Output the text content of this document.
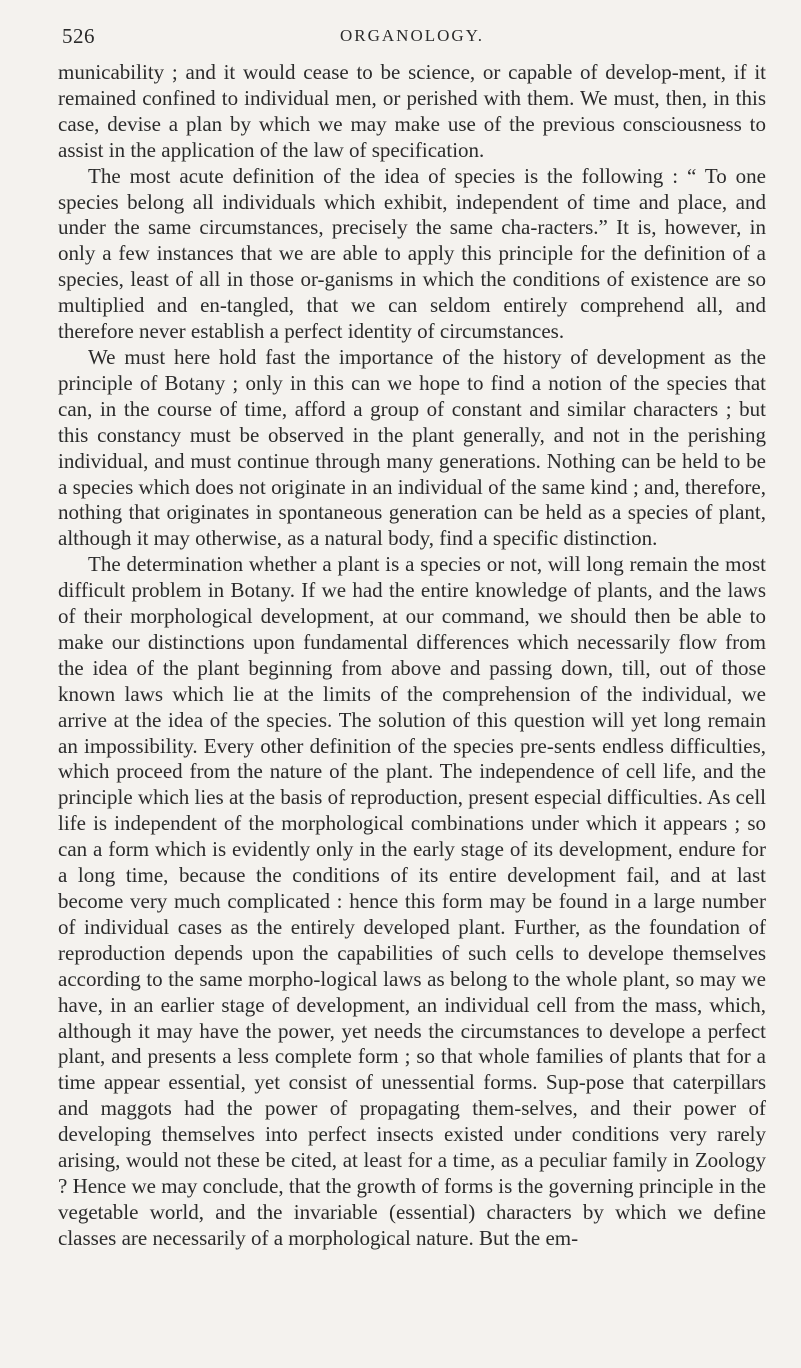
526	ORGANOLOGY.

municability ; and it would cease to be science, or capable of develop-ment, if it remained confined to individual men, or perished with them. We must, then, in this case, devise a plan by which we may make use of the previous consciousness to assist in the application of the law of specification.

The most acute definition of the idea of species is the following : “ To one species belong all individuals which exhibit, independent of time and place, and under the same circumstances, precisely the same cha-racters.” It is, however, in only a few instances that we are able to apply this principle for the definition of a species, least of all in those or-ganisms in which the conditions of existence are so multiplied and en-tangled, that we can seldom entirely comprehend all, and therefore never establish a perfect identity of circumstances.

We must here hold fast the importance of the history of development as the principle of Botany ; only in this can we hope to find a notion of the species that can, in the course of time, afford a group of constant and similar characters ; but this constancy must be observed in the plant generally, and not in the perishing individual, and must continue through many generations. Nothing can be held to be a species which does not originate in an individual of the same kind ; and, therefore, nothing that originates in spontaneous generation can be held as a species of plant, although it may otherwise, as a natural body, find a specific distinction.

The determination whether a plant is a species or not, will long remain the most difficult problem in Botany. If we had the entire knowledge of plants, and the laws of their morphological development, at our command, we should then be able to make our distinctions upon fundamental differences which necessarily flow from the idea of the plant beginning from above and passing down, till, out of those known laws which lie at the limits of the comprehension of the individual, we arrive at the idea of the species. The solution of this question will yet long remain an impossibility. Every other definition of the species pre-sents endless difficulties, which proceed from the nature of the plant. The independence of cell life, and the principle which lies at the basis of reproduction, present especial difficulties. As cell life is independent of the morphological combinations under which it appears ; so can a form which is evidently only in the early stage of its development, endure for a long time, because the conditions of its entire development fail, and at last become very much complicated : hence this form may be found in a large number of individual cases as the entirely developed plant. Further, as the foundation of reproduction depends upon the capabilities of such cells to develope themselves according to the same morpho-logical laws as belong to the whole plant, so may we have, in an earlier stage of development, an individual cell from the mass, which, although it may have the power, yet needs the circumstances to develope a perfect plant, and presents a less complete form ; so that whole families of plants that for a time appear essential, yet consist of unessential forms. Sup-pose that caterpillars and maggots had the power of propagating them-selves, and their power of developing themselves into perfect insects existed under conditions very rarely arising, would not these be cited, at least for a time, as a peculiar family in Zoology ? Hence we may conclude, that the growth of forms is the governing principle in the vegetable world, and the invariable (essential) characters by which we define classes are necessarily of a morphological nature. But the em-
